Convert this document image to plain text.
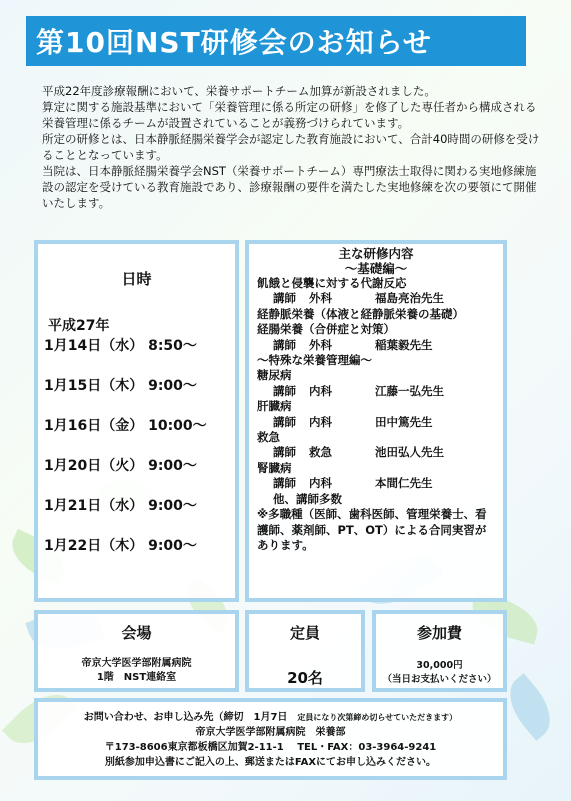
第10回NST研修会のお知らせ

平成22年度診療報酬において、栄養サポートチーム加算が新設されました。

算定に関する施設基準において「栄養管理に係る所定の研修」を修了した専任者から構成される栄養管理に係るチームが設置されていることが義務づけられています。

所定の研修とは、日本静脈経腸栄養学会が認定した教育施設において、合計40時間の研修を受けることとなっています。

当院は、日本静脈経腸栄養学会NST（栄養サポートチーム）専門療法士取得に関わる実地修練施設の認定を受けている教育施設であり、診療報酬の要件を満たした実地修練を次の要領にて開催いたします。

日時
平成27年
1月14日（水） 8:50～
1月15日（木） 9:00～
1月16日（金） 10:00～
1月20日（火） 9:00～
1月21日（水） 9:00～
1月22日（木） 9:00～
主な研修内容
～基礎編～
飢餓と侵襲に対する代謝反応
講師	外科	福島亮治先生
経静脈栄養（体液と経静脈栄養の基礎）
経腸栄養（合併症と対策）
講師	外科	稲葉毅先生
～特殊な栄養管理編～
糖尿病
講師	内科	江藤一弘先生
肝臓病
講師	内科	田中篤先生
救急
講師	救急	池田弘人先生
腎臓病
講師	内科	本間仁先生
他、講師多数
※多職種（医師、歯科医師、管理栄養士、看護師、薬剤師、PT、OT）による合同実習があります。
会場
帝京大学医学部附属病院
1階　NST連絡室
定員
20名
参加費
30,000円
（当日お支払いください）
お問い合わせ、お申し込み先（締切　1月7日　 定員になり次第締め切らせていただきます）
帝京大学医学部附属病院　栄養部
〒173-8606東京都板橋区加賀2-11-1　 TEL・FAX：03-3964-9241
別紙参加申込書にご記入の上、郵送またはFAXにてお申し込みください。
